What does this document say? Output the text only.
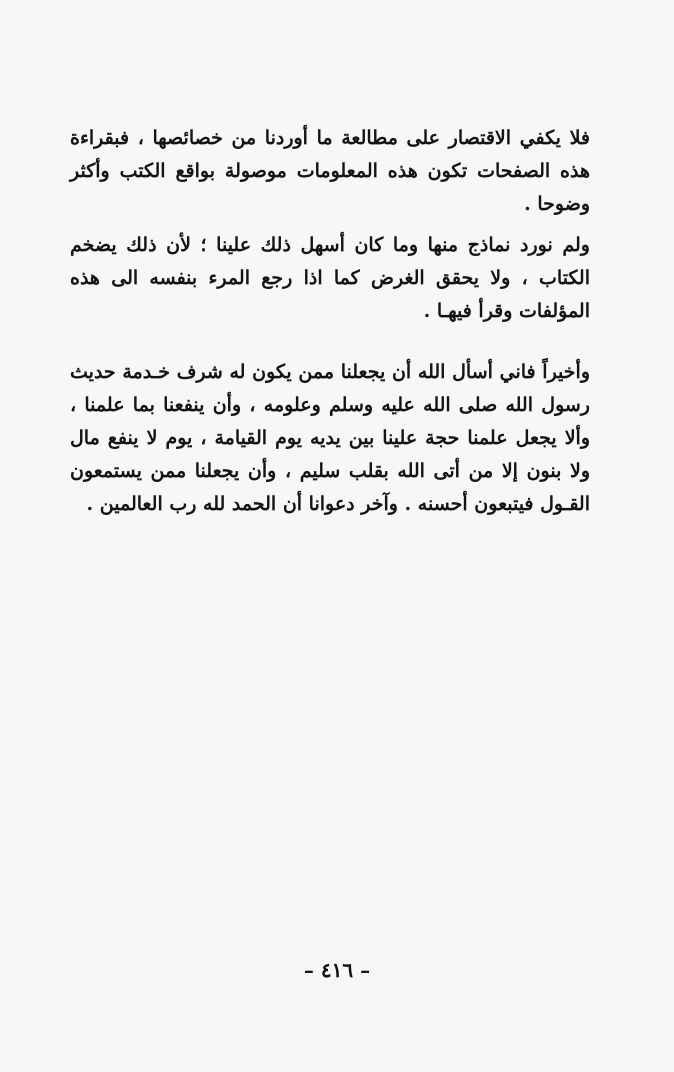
فلا يكفي الاقتصار على مطالعة ما أوردنا من خصائصها ، فبقراءة هذه الصفحات تكون هذه المعلومات موصولة بواقع الكتب وأكثر وضوحا .

ولم نورد نماذج منها وما كان أسهل ذلك علينا ؛ لأن ذلك يضخم الكتاب ، ولا يحقق الغرض كما اذا رجع المرء بنفسه الى هذه المؤلفات وقرأ فيهـا .

وأخيراً فاني أسأل الله أن يجعلنا ممن يكون له شرف خـدمة حديث رسول الله صلى الله عليه وسلم وعلومه ، وأن ينفعنا بما علمنا ، وألا يجعل علمنا حجة علينا بين يديه يوم القيامة ، يوم لا ينفع مال ولا بنون إلا من أتى الله بقلب سليم ، وأن يجعلنا ممن يستمعون القـول فيتبعون أحسنه . وآخر دعوانا أن الحمد لله رب العالمين .

– ٤١٦ –
